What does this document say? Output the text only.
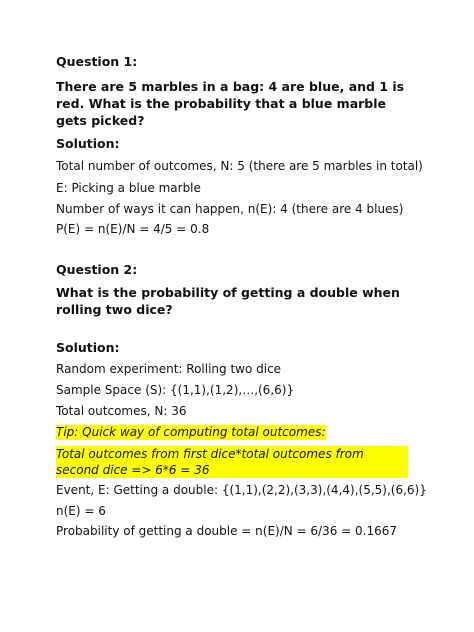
Question 1:
There are 5 marbles in a bag: 4 are blue, and 1 is red. What is the probability that a blue marble gets picked?
Solution:
Total number of outcomes, N: 5 (there are 5 marbles in total)
E: Picking a blue marble
Number of ways it can happen, n(E): 4 (there are 4 blues)
P(E) = n(E)/N = 4/5 = 0.8
Question 2:
What is the probability of getting a double when rolling two dice?
Solution:
Random experiment: Rolling two dice
Sample Space (S): {(1,1),(1,2),…,(6,6)}
Total outcomes, N: 36
Tip: Quick way of computing total outcomes:
Total outcomes from first dice*total outcomes from second dice => 6*6 = 36
Event, E: Getting a double: {(1,1),(2,2),(3,3),(4,4),(5,5),(6,6)}
n(E) = 6
Probability of getting a double = n(E)/N = 6/36 = 0.1667
